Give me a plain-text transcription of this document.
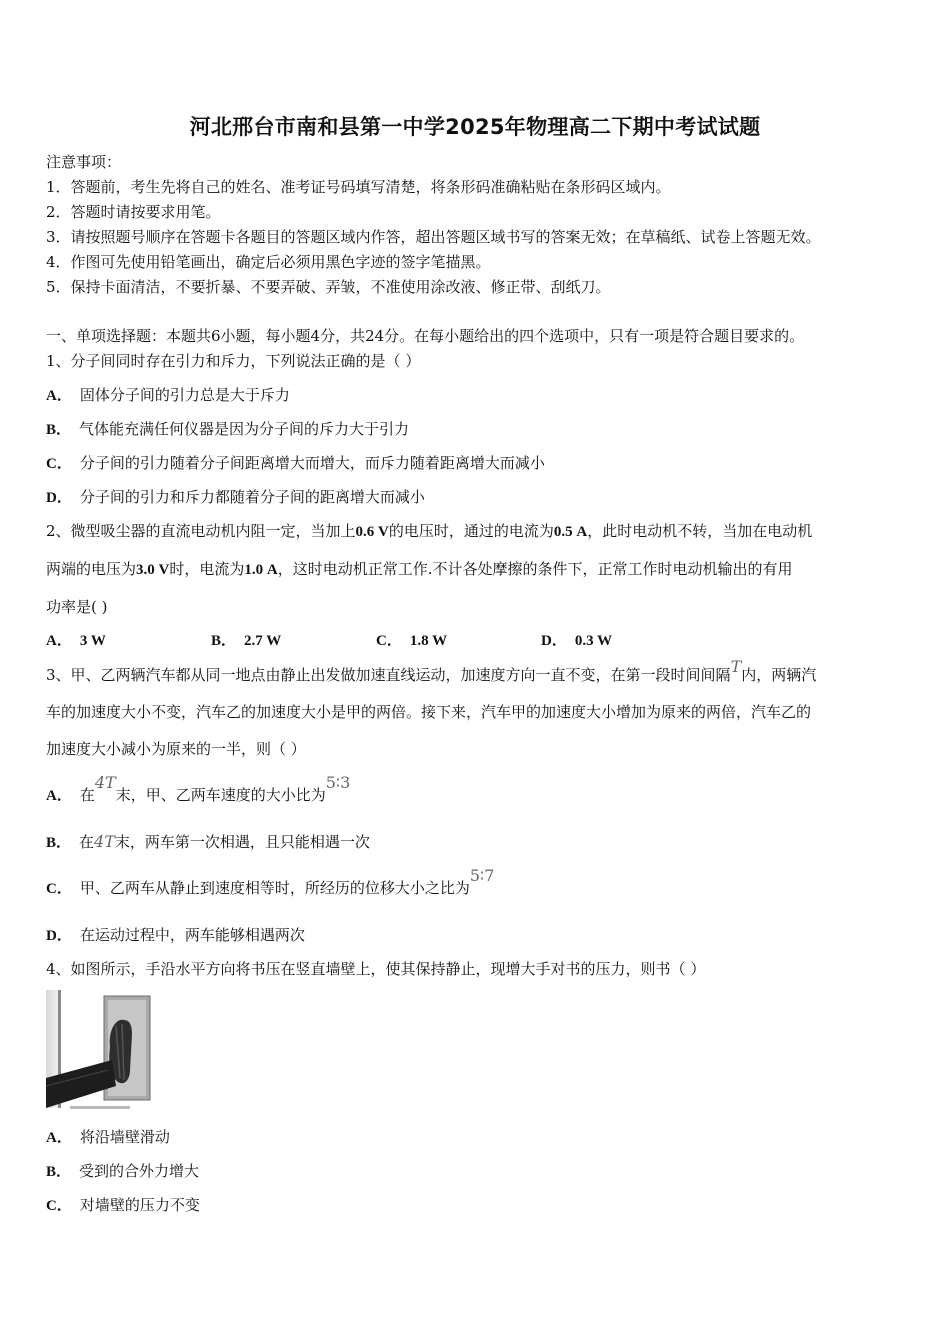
河北邢台市南和县第一中学2025年物理高二下期中考试试题
注意事项：
1．答题前，考生先将自己的姓名、准考证号码填写清楚，将条形码准确粘贴在条形码区域内。
2．答题时请按要求用笔。
3．请按照题号顺序在答题卡各题目的答题区域内作答，超出答题区域书写的答案无效；在草稿纸、试卷上答题无效。
4．作图可先使用铅笔画出，确定后必须用黑色字迹的签字笔描黑。
5．保持卡面清洁，不要折暴、不要弄破、弄皱，不准使用涂改液、修正带、刮纸刀。
一、单项选择题：本题共6小题，每小题4分，共24分。在每小题给出的四个选项中，只有一项是符合题目要求的。
1、分子间同时存在引力和斥力，下列说法正确的是（ ）
A． 固体分子间的引力总是大于斥力
B． 气体能充满任何仪器是因为分子间的斥力大于引力
C． 分子间的引力随着分子间距离增大而增大，而斥力随着距离增大而减小
D． 分子间的引力和斥力都随着分子间的距离增大而减小
2、微型吸尘器的直流电动机内阻一定，当加上0.6 V的电压时，通过的电流为0.5 A，此时电动机不转，当加在电动机
两端的电压为3.0 V时，电流为1.0 A，这时电动机正常工作.不计各处摩擦的条件下，正常工作时电动机输出的有用
功率是( )
A． 3 W	B． 2.7 W	C． 1.8 W	D． 0.3 W
3、甲、乙两辆汽车都从同一地点由静止出发做加速直线运动，加速度方向一直不变，在第一段时间间隔T内，两辆汽
车的加速度大小不变，汽车乙的加速度大小是甲的两倍。接下来，汽车甲的加速度大小增加为原来的两倍，汽车乙的
加速度大小减小为原来的一半，则（ ）
A． 在4T末，甲、乙两车速度的大小比为5∶3
B． 在4T末，两车第一次相遇，且只能相遇一次
C． 甲、乙两车从静止到速度相等时，所经历的位移大小之比为5∶7
D． 在运动过程中，两车能够相遇两次
4、如图所示，手沿水平方向将书压在竖直墙壁上，使其保持静止，现增大手对书的压力，则书（ ）
A． 将沿墙壁滑动
B． 受到的合外力增大
C． 对墙壁的压力不变
